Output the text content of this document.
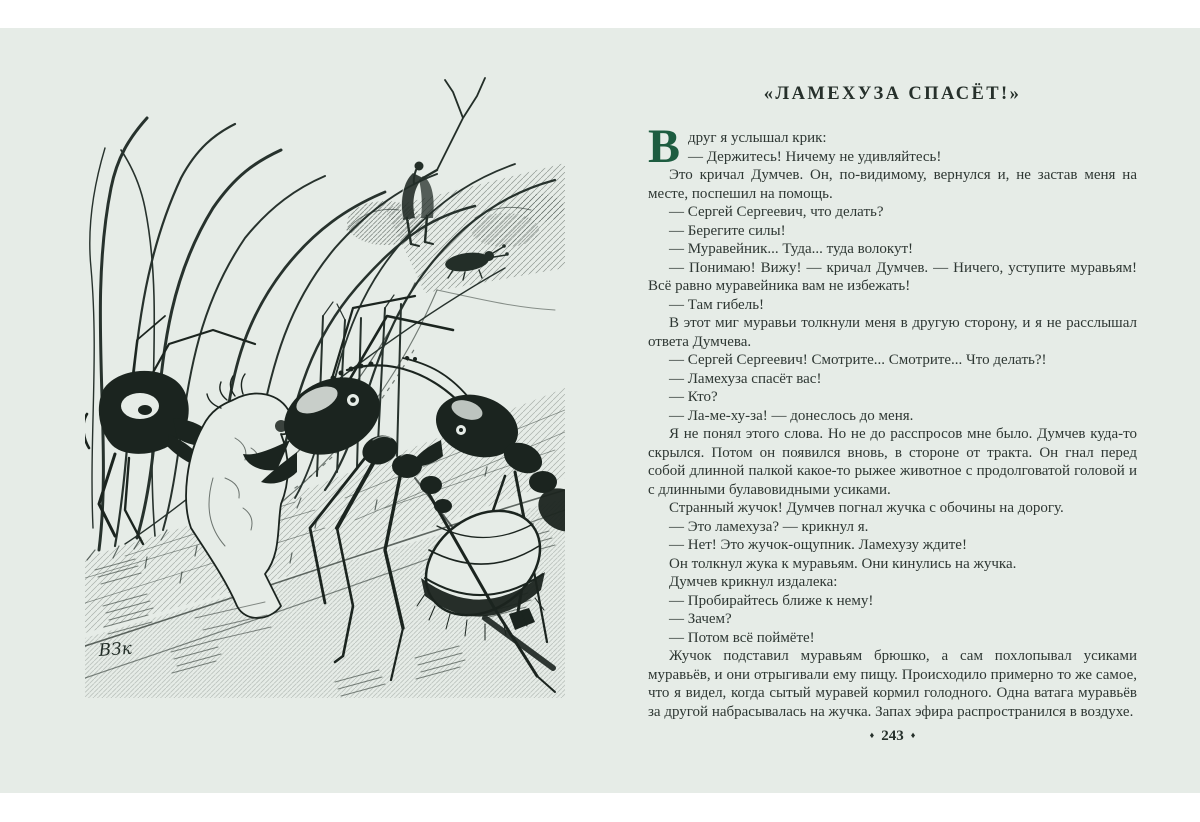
ВЗк
«ЛАМЕХУЗА СПАСЁТ!»
В друг я услышал крик:

— Держитесь! Ничему не удивляйтесь!

Это кричал Думчев. Он, по-видимому, вернулся и, не застав меня на месте, поспешил на помощь.

— Сергей Сергеевич, что делать?

— Берегите силы!

— Муравейник... Туда... туда волокут!

— Понимаю! Вижу! — кричал Думчев. — Ничего, уступите муравьям! Всё равно муравейника вам не избежать!

— Там гибель!

В этот миг муравьи толкнули меня в другую сторону, и я не расслышал ответа Думчева.

— Сергей Сергеевич! Смотрите... Смотрите... Что делать?!

— Ламехуза спасёт вас!

— Кто?

— Ла-ме-ху-за! — донеслось до меня.

Я не понял этого слова. Но не до расспросов мне было. Думчев куда-то скрылся. Потом он появился вновь, в стороне от тракта. Он гнал перед собой длинной палкой какое-то рыжее животное с продолговатой головой и с длинными булавовидными усиками.

Странный жучок! Думчев погнал жучка с обочины на дорогу.

— Это ламехуза? — крикнул я.

— Нет! Это жучок-ощупник. Ламехузу ждите!

Он толкнул жука к муравьям. Они кинулись на жучка.

Думчев крикнул издалека:

— Пробирайтесь ближе к нему!

— Зачем?

— Потом всё поймёте!

Жучок подставил муравьям брюшко, а сам похлопывал усиками муравьёв, и они отрыгивали ему пищу. Происходило примерно то же самое, что я видел, когда сытый муравей кормил голодного. Одна ватага муравьёв за другой набрасывалась на жучка. Запах эфира распространился в воздухе.

♦ 243 ♦
